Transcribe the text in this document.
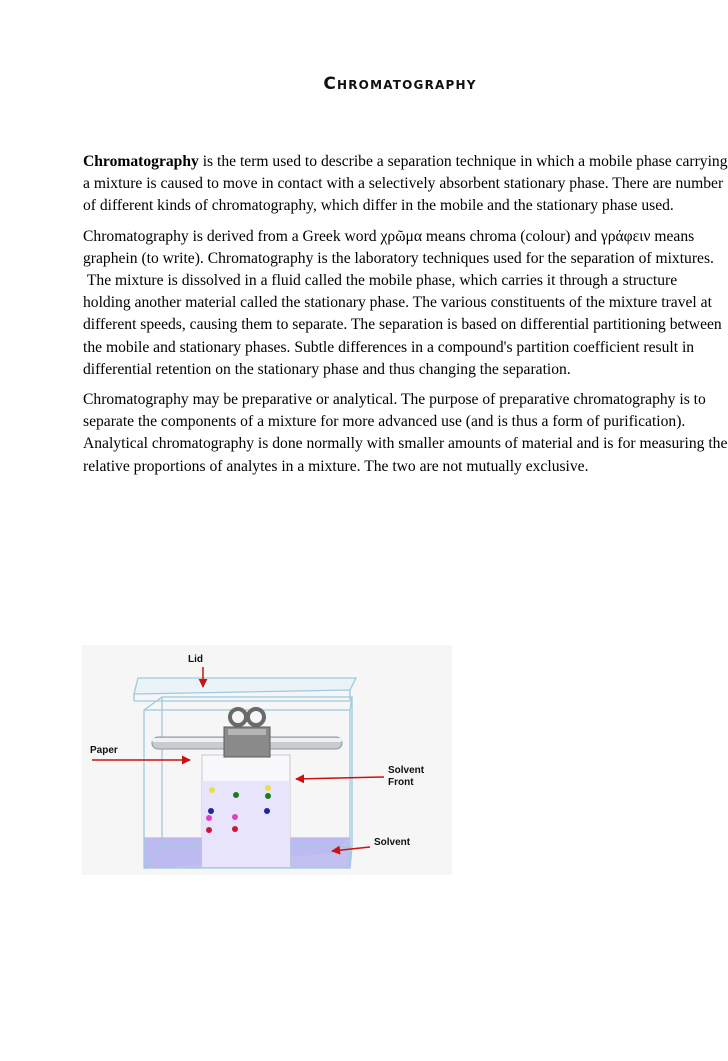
Chromatography

Chromatography is the term used to describe a separation technique in which a mobile phase carrying a mixture is caused to move in contact with a selectively absorbent stationary phase. There are number of different kinds of chromatography, which differ in the mobile and the stationary phase used.

Chromatography is derived from a Greek word χρῶμα means chroma (colour) and γράφειν means graphein (to write). Chromatography is the laboratory techniques used for the separation of mixtures.

The mixture is dissolved in a fluid called the mobile phase, which carries it through a structure holding another material called the stationary phase. The various constituents of the mixture travel at different speeds, causing them to separate. The separation is based on differential partitioning between the mobile and stationary phases. Subtle differences in a compound's partition coefficient result in differential retention on the stationary phase and thus changing the separation.

Chromatography may be preparative or analytical. The purpose of preparative chromatography is to separate the components of a mixture for more advanced use (and is thus a form of purification). Analytical chromatography is done normally with smaller amounts of material and is for measuring the relative proportions of analytes in a mixture. The two are not mutually exclusive.

Lid
Paper
Solvent
Front
Solvent
